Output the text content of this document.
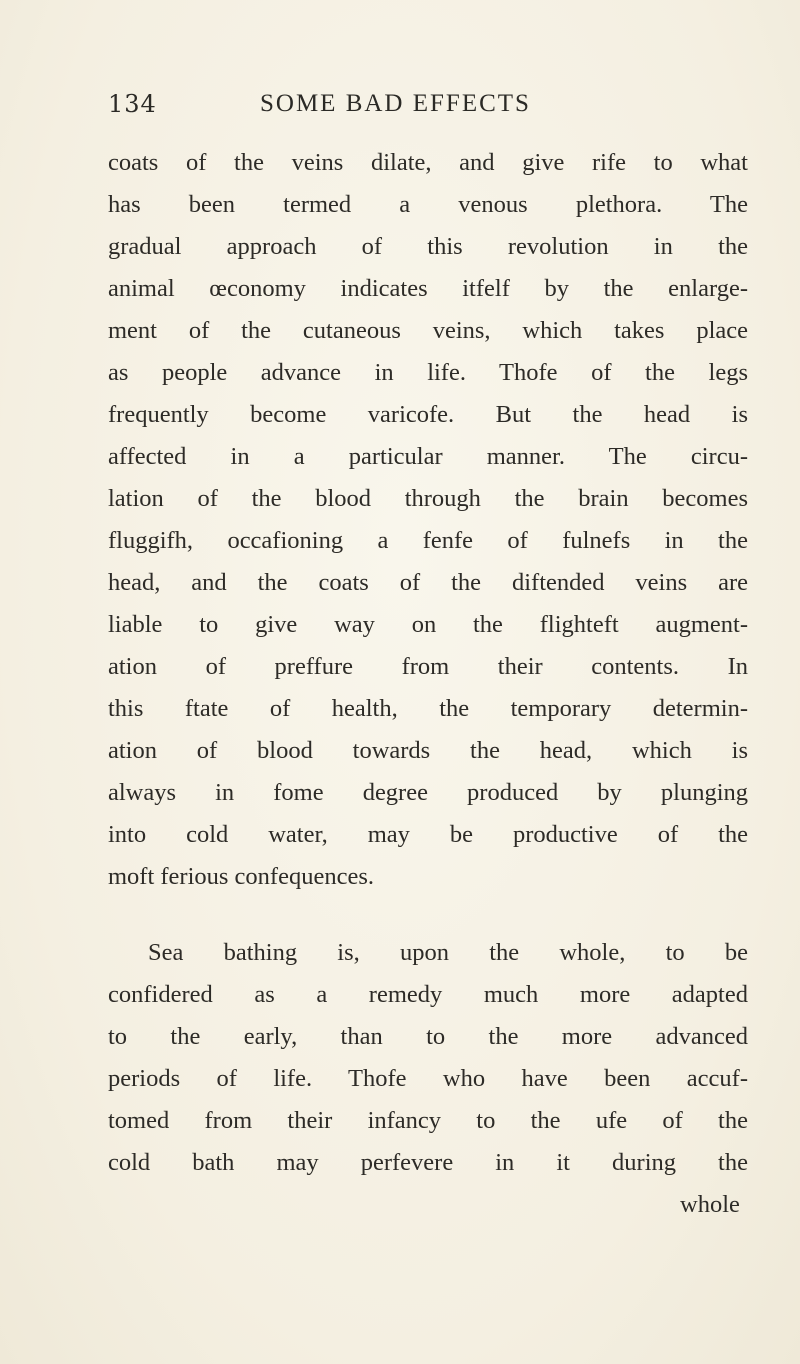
134	SOME BAD EFFECTS
coats of the veins dilate, and give rife to what
has been termed a venous plethora. The
gradual approach of this revolution in the
animal œconomy indicates itfelf by the enlarge-
ment of the cutaneous veins, which takes place
as people advance in life. Thofe of the legs
frequently become varicofe. But the head is
affected in a particular manner. The circu-
lation of the blood through the brain becomes
fluggifh, occafioning a fenfe of fulnefs in the
head, and the coats of the diftended veins are
liable to give way on the flighteft augment-
ation of preffure from their contents. In
this ftate of health, the temporary determin-
ation of blood towards the head, which is
always in fome degree produced by plunging
into cold water, may be productive of the
moft ferious confequences.
Sea bathing is, upon the whole, to be
confidered as a remedy much more adapted
to the early, than to the more advanced
periods of life. Thofe who have been accuf-
tomed from their infancy to the ufe of the
cold bath may perfevere in it during the
whole
